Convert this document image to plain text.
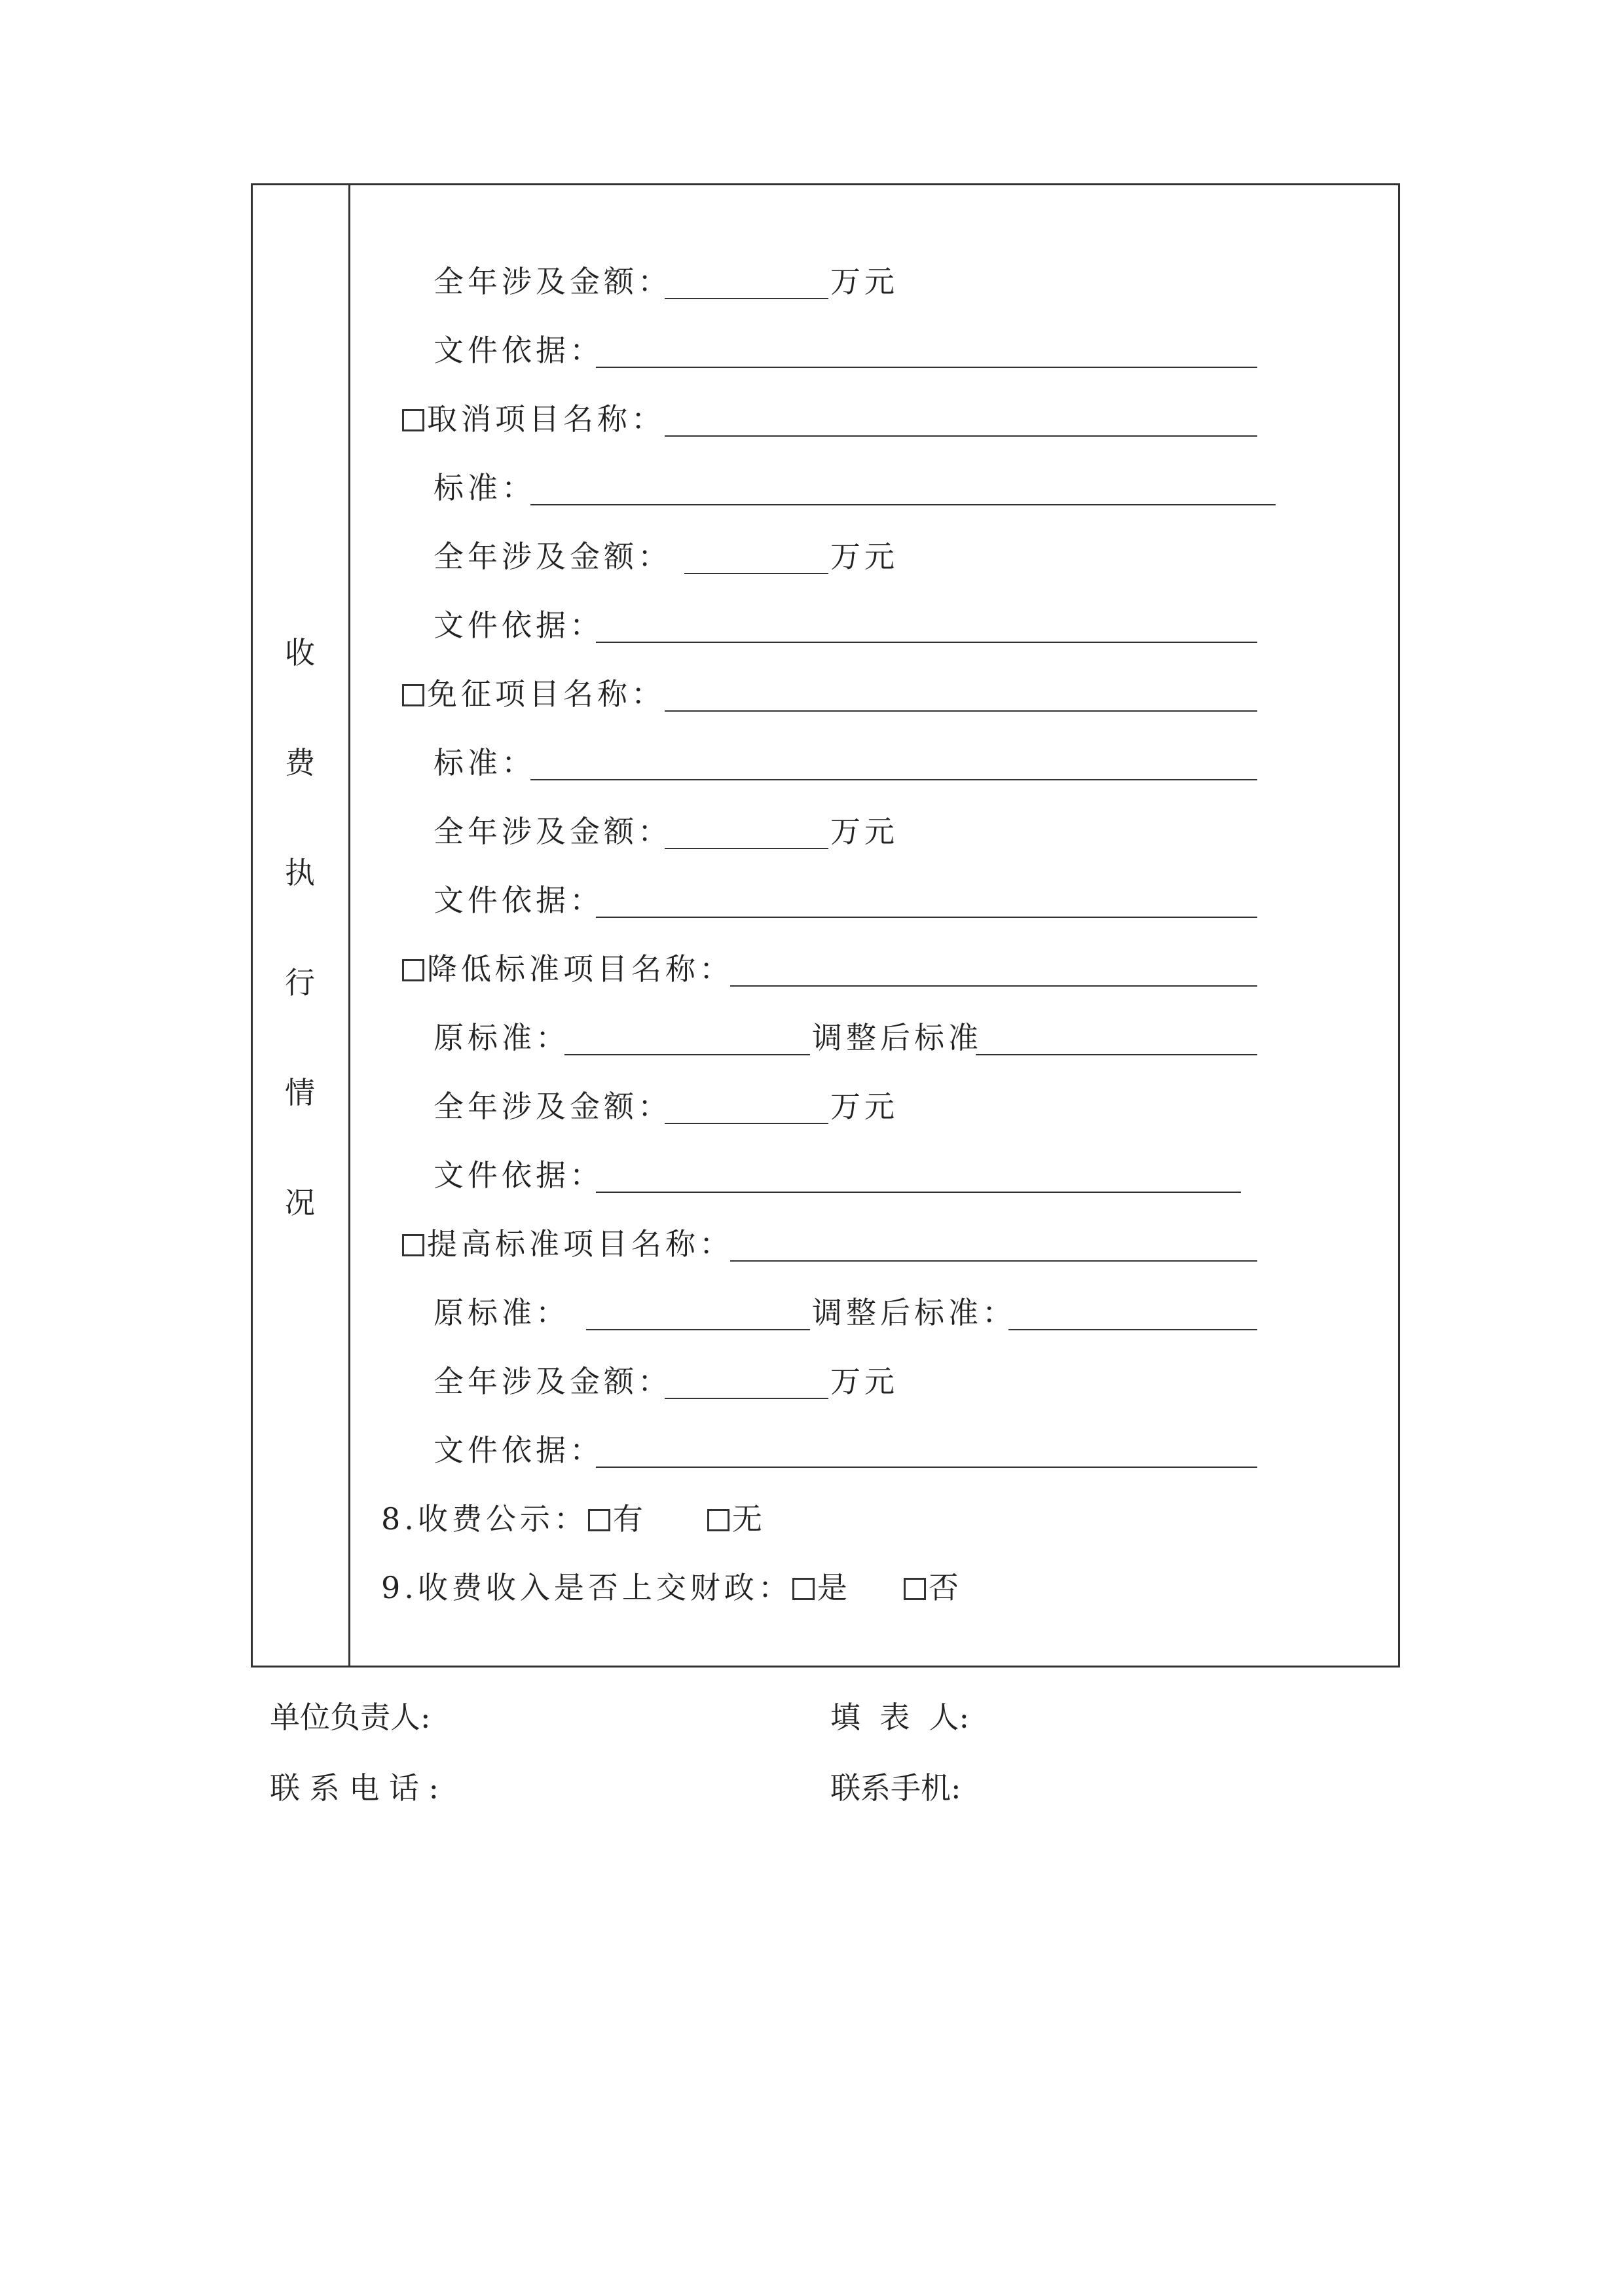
收
费
执
行
情
况
全年涉及金额：	万元
文件依据：
取消项目名称：
标准：
全年涉及金额：	万元
文件依据：
免征项目名称：
标准：
全年涉及金额：	万元
文件依据：
降低标准项目名称：
原标准：	调整后标准
全年涉及金额：	万元
文件依据：
提高标准项目名称：
原标准：	调整后标准：
全年涉及金额：	万元
文件依据：
8.收费公示： 有	无
9.收费收入是否上交财政： 是	否
单位负责人:	填  表  人:
联 系 电 话 :	联系手机:
